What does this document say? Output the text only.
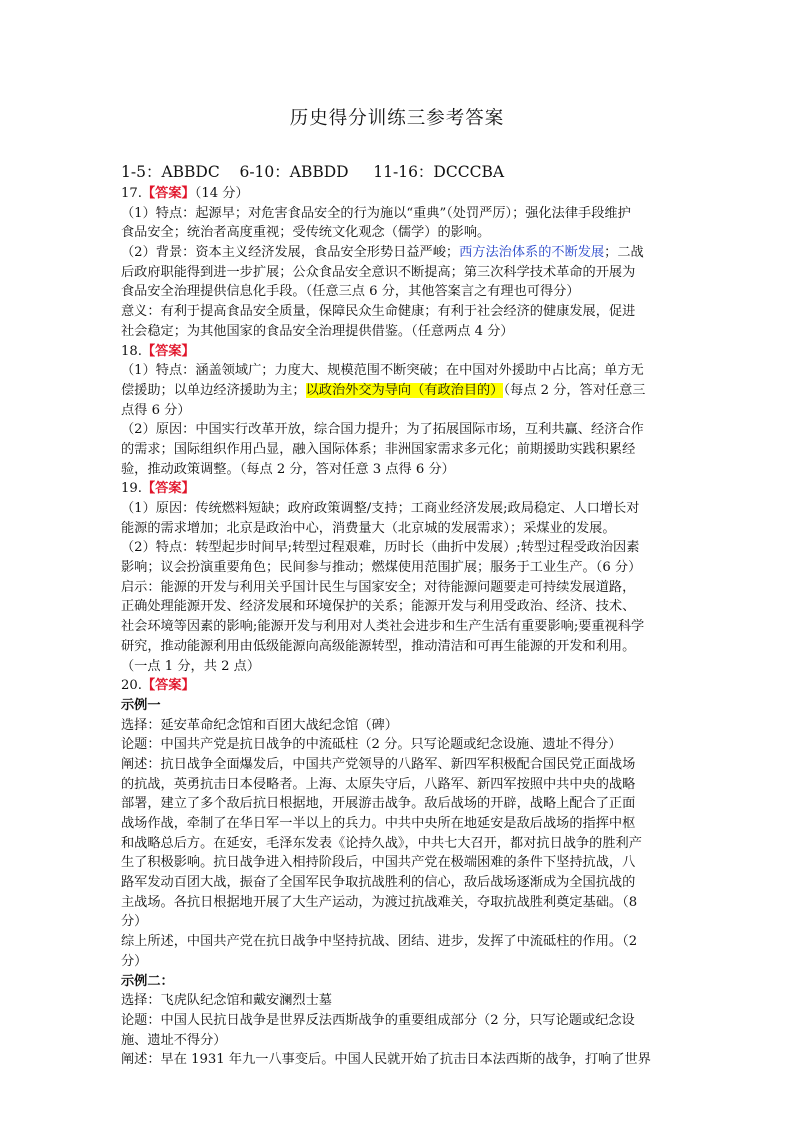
历史得分训练三参考答案
1-5：ABBDC 6-10：ABBDD 11-16：DCCCBA
17.【答案】（14 分）
（1）特点：起源早；对危害食品安全的行为施以“重典”（处罚严厉）；强化法律手段维护
食品安全；统治者高度重视；受传统文化观念（儒学）的影响。
（2）背景：资本主义经济发展，食品安全形势日益严峻；西方法治体系的不断发展；二战
后政府职能得到进一步扩展；公众食品安全意识不断提高；第三次科学技术革命的开展为
食品安全治理提供信息化手段。（任意三点 6 分，其他答案言之有理也可得分）
意义：有利于提高食品安全质量，保障民众生命健康；有利于社会经济的健康发展，促进
社会稳定；为其他国家的食品安全治理提供借鉴。（任意两点 4 分）
18.【答案】
（1）特点：涵盖领域广；力度大、规模范围不断突破；在中国对外援助中占比高；单方无
偿援助；以单边经济援助为主；以政治外交为导向（有政治目的）（每点 2 分，答对任意三
点得 6 分）
（2）原因：中国实行改革开放，综合国力提升；为了拓展国际市场，互利共赢、经济合作
的需求；国际组织作用凸显，融入国际体系；非洲国家需求多元化；前期援助实践积累经
验，推动政策调整。（每点 2 分，答对任意 3 点得 6 分）
19.【答案】
（1）原因：传统燃料短缺；政府政策调整/支持；工商业经济发展;政局稳定、人口增长对
能源的需求增加；北京是政治中心，消费量大（北京城的发展需求）；采煤业的发展。
（2）特点：转型起步时间早;转型过程艰难，历时长（曲折中发展）;转型过程受政治因素
影响；议会扮演重要角色；民间参与推动；燃煤使用范围扩展；服务于工业生产。（6 分）
启示：能源的开发与利用关乎国计民生与国家安全；对待能源问题要走可持续发展道路，
正确处理能源开发、经济发展和环境保护的关系；能源开发与利用受政治、经济、技术、
社会环境等因素的影响;能源开发与利用对人类社会进步和生产生活有重要影响;要重视科学
研究，推动能源利用由低级能源向高级能源转型，推动清洁和可再生能源的开发和利用。
（一点 1 分，共 2 点）
20.【答案】
示例一
选择：延安革命纪念馆和百团大战纪念馆（碑）
论题：中国共产党是抗日战争的中流砥柱（2 分。只写论题或纪念设施、遗址不得分）
阐述：抗日战争全面爆发后，中国共产党领导的八路军、新四军积极配合国民党正面战场
的抗战，英勇抗击日本侵略者。上海、太原失守后，八路军、新四军按照中共中央的战略
部署，建立了多个敌后抗日根据地，开展游击战争。敌后战场的开辟，战略上配合了正面
战场作战，牵制了在华日军一半以上的兵力。中共中央所在地延安是敌后战场的指挥中枢
和战略总后方。在延安，毛泽东发表《论持久战》，中共七大召开，都对抗日战争的胜利产
生了积极影响。抗日战争进入相持阶段后，中国共产党在极端困难的条件下坚持抗战，八
路军发动百团大战，振奋了全国军民争取抗战胜利的信心，敌后战场逐渐成为全国抗战的
主战场。各抗日根据地开展了大生产运动，为渡过抗战难关，夺取抗战胜利奠定基础。（8
分）
综上所述，中国共产党在抗日战争中坚持抗战、团结、进步，发挥了中流砥柱的作用。（2
分）
示例二：
选择：飞虎队纪念馆和戴安澜烈士墓
论题：中国人民抗日战争是世界反法西斯战争的重要组成部分（2 分，只写论题或纪念设
施、遗址不得分）
阐述：早在 1931 年九一八事变后。中国人民就开始了抗击日本法西斯的战争，打响了世界
